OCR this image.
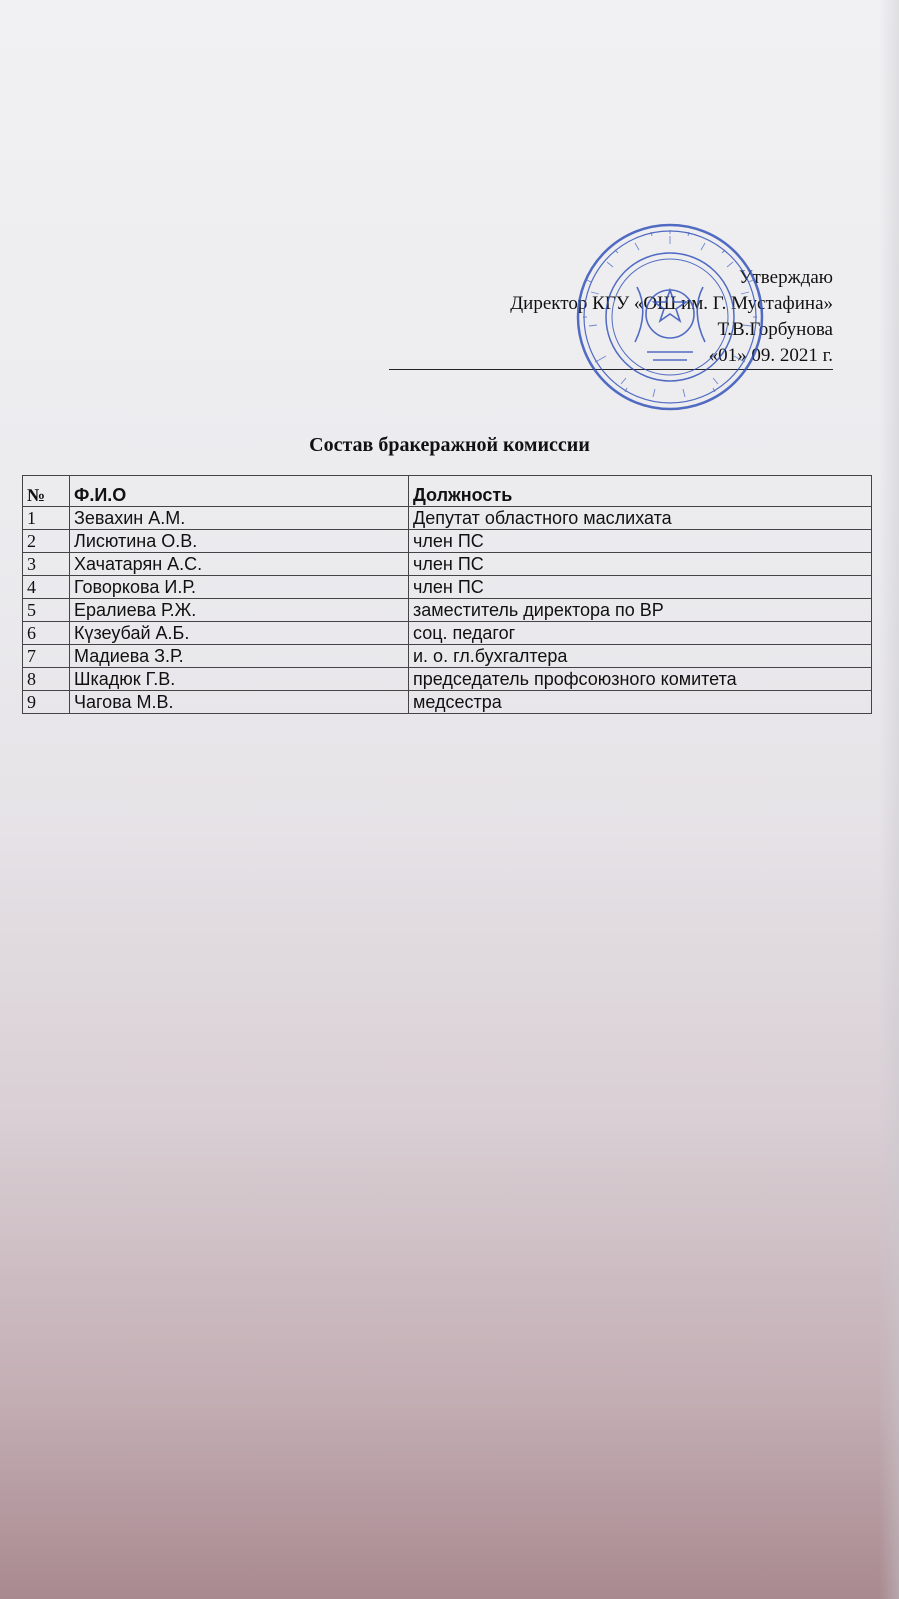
Утверждаю
Директор КГУ «ОШ им. Г. Мустафина»
Т.В.Горбунова
«01» 09. 2021 г.
Состав бракеражной комиссии
№	Ф.И.О	Должность
1	Зевахин А.М.	Депутат областного маслихата
2	Лисютина О.В.	член ПС
3	Хачатарян А.С.	член ПС
4	Говоркова И.Р.	член ПС
5	Ералиева Р.Ж.	заместитель директора по ВР
6	Күзеубай А.Б.	соц. педагог
7	Мадиева З.Р.	и. о. гл.бухгалтера
8	Шкадюк Г.В.	председатель профсоюзного комитета
9	Чагова М.В.	медсестра
